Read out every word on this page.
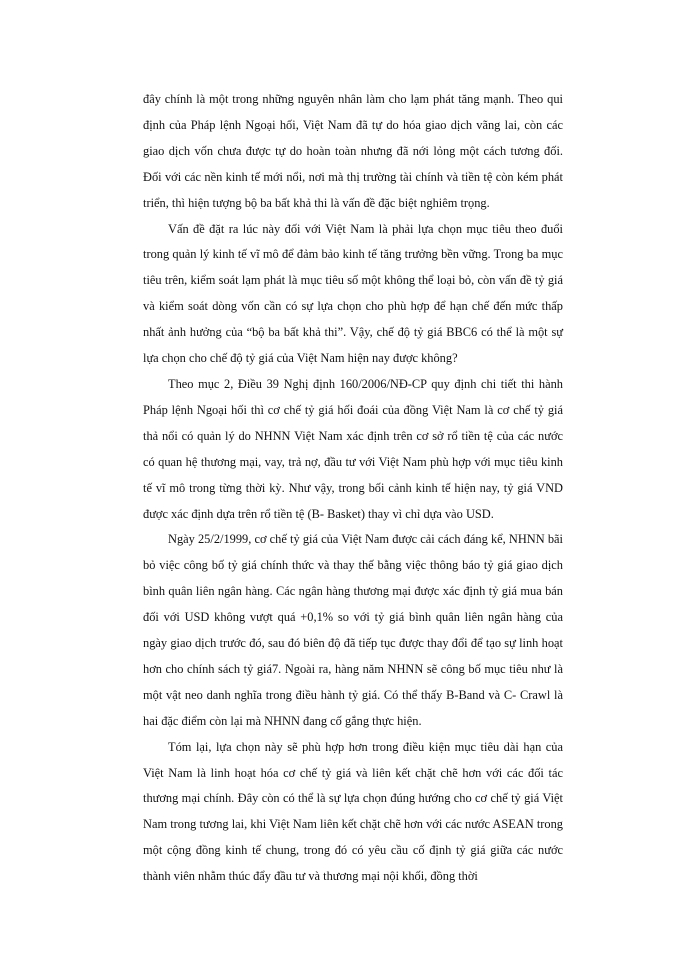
đây chính là một trong những nguyên nhân làm cho lạm phát tăng mạnh. Theo qui định của Pháp lệnh Ngoại hối, Việt Nam đã tự do hóa giao dịch vãng lai, còn các giao dịch vốn chưa được tự do hoàn toàn nhưng đã nới lỏng một cách tương đối. Đối với các nền kinh tế mới nổi, nơi mà thị trường tài chính và tiền tệ còn kém phát triển, thì hiện tượng bộ ba bất khả thi là vấn đề đặc biệt nghiêm trọng.

Vấn đề đặt ra lúc này đối với Việt Nam là phải lựa chọn mục tiêu theo đuổi trong quản lý kinh tế vĩ mô để đảm bảo kinh tế tăng trưởng bền vững. Trong ba mục tiêu trên, kiểm soát lạm phát là mục tiêu số một không thể loại bỏ, còn vấn đề tỷ giá và kiểm soát dòng vốn cần có sự lựa chọn cho phù hợp để hạn chế đến mức thấp nhất ảnh hưởng của “bộ ba bất khả thi”. Vậy, chế độ tỷ giá BBC6 có thể là một sự lựa chọn cho chế độ tỷ giá của Việt Nam hiện nay được không?

Theo mục 2, Điều 39 Nghị định 160/2006/NĐ-CP quy định chi tiết thi hành Pháp lệnh Ngoại hối thì cơ chế tỷ giá hối đoái của đồng Việt Nam là cơ chế tỷ giá thả nổi có quản lý do NHNN Việt Nam xác định trên cơ sở rổ tiền tệ của các nước có quan hệ thương mại, vay, trả nợ, đầu tư với Việt Nam phù hợp với mục tiêu kinh tế vĩ mô trong từng thời kỳ. Như vậy, trong bối cảnh kinh tế hiện nay, tỷ giá VND được xác định dựa trên rổ tiền tệ (B- Basket) thay vì chỉ dựa vào USD.

Ngày 25/2/1999, cơ chế tỷ giá của Việt Nam được cải cách đáng kể, NHNN bãi bỏ việc công bố tỷ giá chính thức và thay thế bằng việc thông báo tỷ giá giao dịch bình quân liên ngân hàng. Các ngân hàng thương mại được xác định tỷ giá mua bán đối với USD không vượt quá +0,1% so với tỷ giá bình quân liên ngân hàng của ngày giao dịch trước đó, sau đó biên độ đã tiếp tục được thay đổi để tạo sự linh hoạt hơn cho chính sách tỷ giá7. Ngoài ra, hàng năm NHNN sẽ công bố mục tiêu như là một vật neo danh nghĩa trong điều hành tỷ giá. Có thể thấy B-Band và C- Crawl là hai đặc điểm còn lại mà NHNN đang cố gắng thực hiện.

Tóm lại, lựa chọn này sẽ phù hợp hơn trong điều kiện mục tiêu dài hạn của Việt Nam là linh hoạt hóa cơ chế tỷ giá và liên kết chặt chẽ hơn với các đối tác thương mại chính. Đây còn có thể là sự lựa chọn đúng hướng cho cơ chế tỷ giá Việt Nam trong tương lai, khi Việt Nam liên kết chặt chẽ hơn với các nước ASEAN trong một cộng đồng kinh tế chung, trong đó có yêu cầu cố định tỷ giá giữa các nước thành viên nhằm thúc đẩy đầu tư và thương mại nội khối, đồng thời
